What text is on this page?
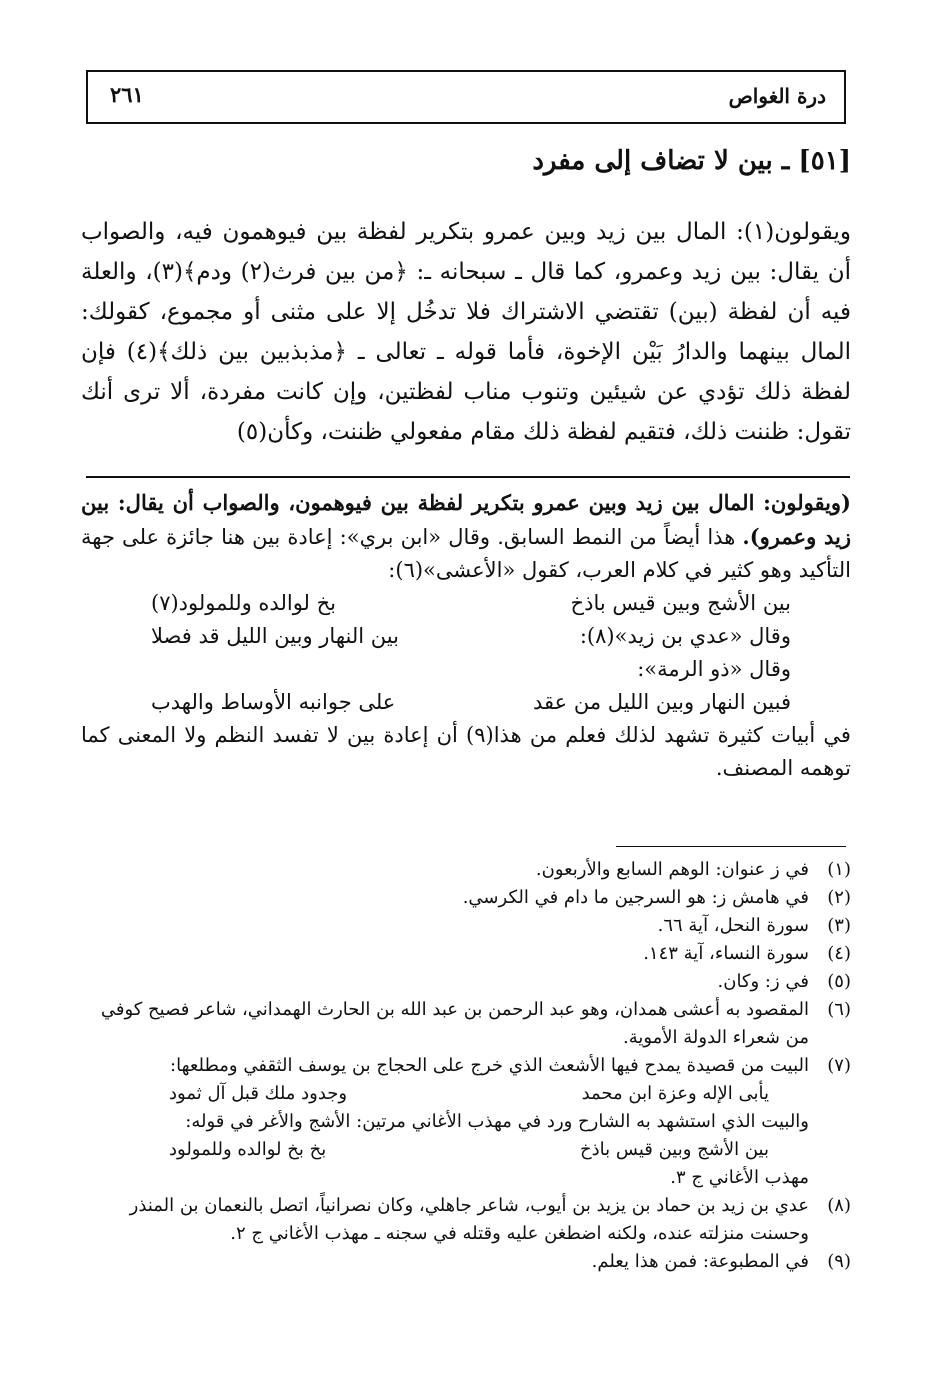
درة الغواص
٢٦١
[٥١] ـ بين لا تضاف إلى مفرد

ويقولون(١): المال بين زيد وبين عمرو بتكرير لفظة بين فيوهمون فيه، والصواب أن يقال: بين زيد وعمرو، كما قال ـ سبحانه ـ: ﴿من بين فرث(٢) ودم﴾(٣)، والعلة فيه أن لفظة (بين) تقتضي الاشتراك فلا تدخُل إلا على مثنى أو مجموع، كقولك: المال بينهما والدارُ بَيْن الإخوة، فأما قوله ـ تعالى ـ ﴿مذبذبين بين ذلك﴾(٤) فإن لفظة ذلك تؤدي عن شيئين وتنوب مناب لفظتين، وإن كانت مفردة، ألا ترى أنك تقول: ظننت ذلك، فتقيم لفظة ذلك مقام مفعولي ظننت، وكأن(٥)

(ويقولون: المال بين زيد وبين عمرو بتكرير لفظة بين فيوهمون، والصواب أن يقال: بين زيد وعمرو). هذا أيضاً من النمط السابق. وقال «ابن بري»: إعادة بين هنا جائزة على جهة التأكيد وهو كثير في كلام العرب، كقول «الأعشى»(٦):

بين الأشج وبين قيس باذخ
بخ لوالده وللمولود(٧)
وقال «عدي بن زيد»(٨):
بين النهار وبين الليل قد فصلا
وقال «ذو الرمة»:
فبين النهار وبين الليل من عقد
على جوانبه الأوساط والهدب

في أبيات كثيرة تشهد لذلك فعلم من هذا(٩) أن إعادة بين لا تفسد النظم ولا المعنى كما توهمه المصنف.

(١)
في ز عنوان: الوهم السابع والأربعون.
(٢)
في هامش ز: هو السرجين ما دام في الكرسي.
(٣)
سورة النحل، آية ٦٦.
(٤)
سورة النساء، آية ١٤٣.
(٥)
في ز: وكان.
(٦)
المقصود به أعشى همدان، وهو عبد الرحمن بن عبد الله بن الحارث الهمداني، شاعر فصيح كوفي من شعراء الدولة الأموية.
(٧)
البيت من قصيدة يمدح فيها الأشعث الذي خرج على الحجاج بن يوسف الثقفي ومطلعها:
يأبى الإله وعزة ابن محمد
وجدود ملك قبل آل ثمود
والبيت الذي استشهد به الشارح ورد في مهذب الأغاني مرتين: الأشج والأغر في قوله:
بين الأشج وبين قيس باذخ
بخ بخ لوالده وللمولود
مهذب الأغاني ج ٣.
(٨)
عدي بن زيد بن حماد بن يزيد بن أيوب، شاعر جاهلي، وكان نصرانياً، اتصل بالنعمان بن المنذر وحسنت منزلته عنده، ولكنه اضطغن عليه وقتله في سجنه ـ مهذب الأغاني ج ٢.
(٩)
في المطبوعة: فمن هذا يعلم.
